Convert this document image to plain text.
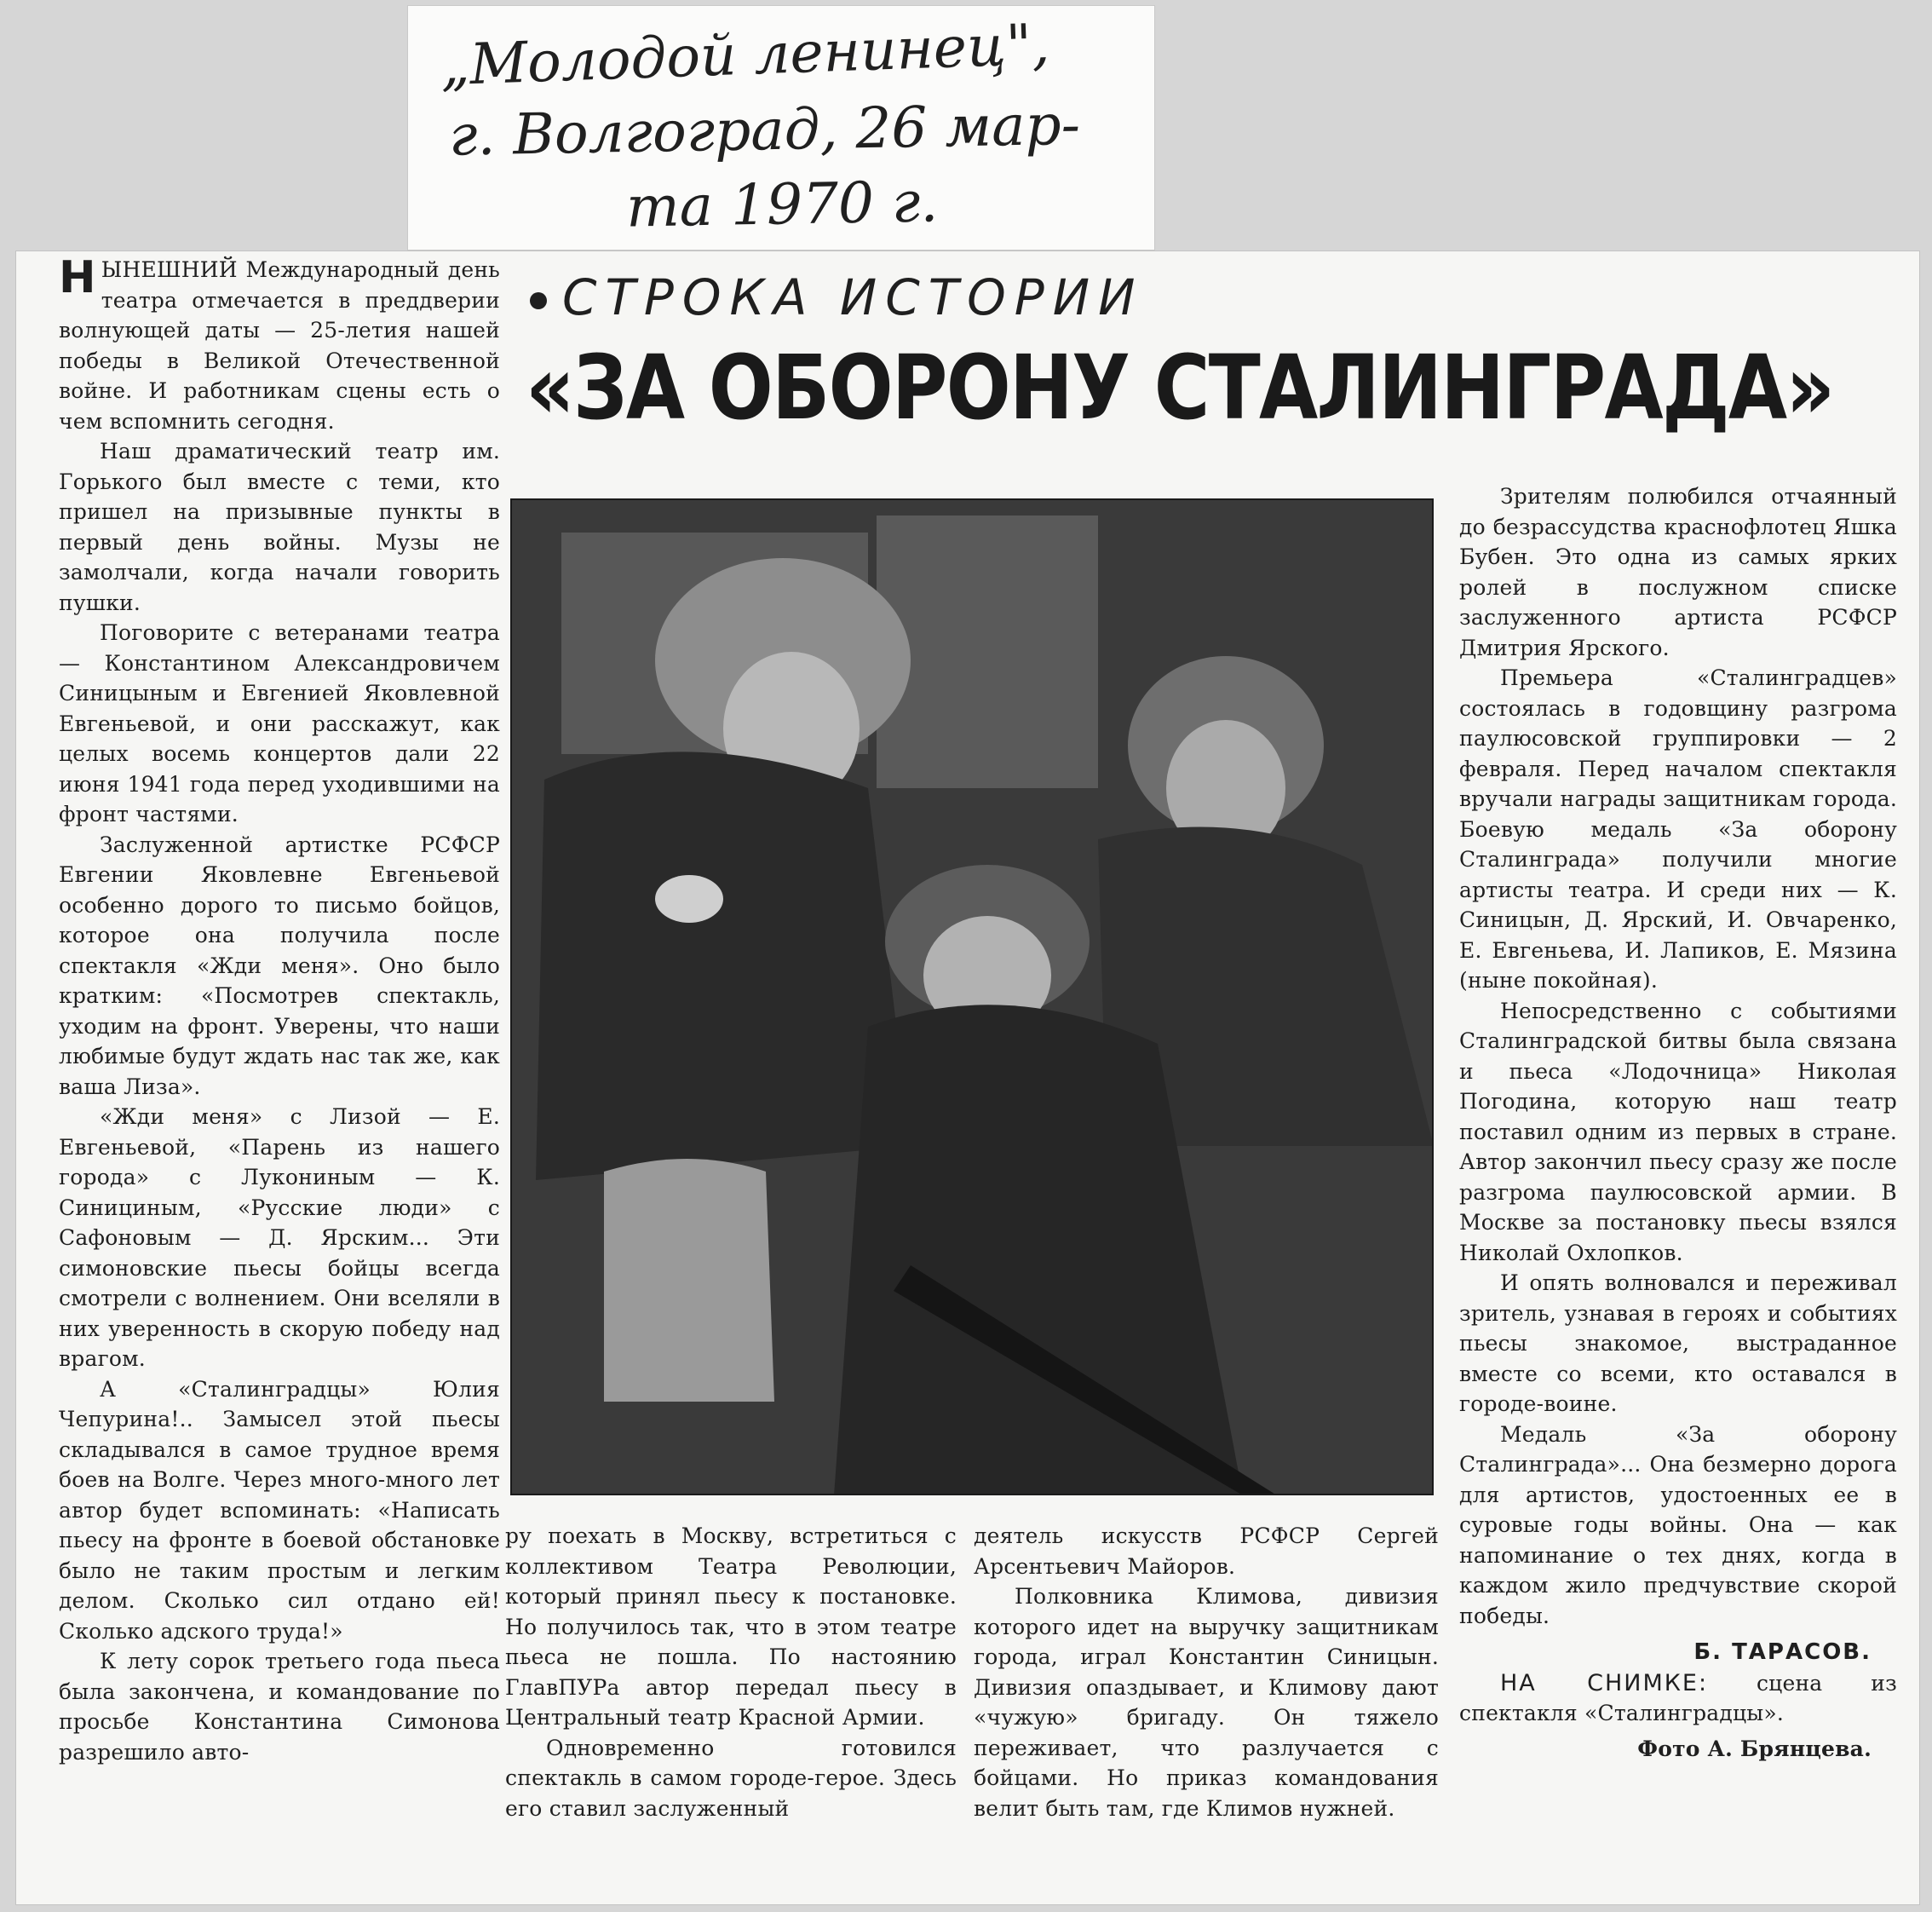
„Молодой ленинец",
г. Волгоград, 26 мар-
та 1970 г.

НЫНЕШНИЙ Международный день театра отмечается в преддверии волнующей даты — 25-летия нашей победы в Великой Отечественной войне. И работникам сцены есть о чем вспомнить сегодня.

Наш драматический театр им. Горького был вместе с теми, кто пришел на призывные пункты в первый день войны. Музы не замолчали, когда начали говорить пушки.

Поговорите с ветеранами театра — Константином Александровичем Синицыным и Евгенией Яковлевной Евгеньевой, и они расскажут, как целых восемь концертов дали 22 июня 1941 года перед уходившими на фронт частями.

Заслуженной артистке РСФСР Евгении Яковлевне Евгеньевой особенно дорого то письмо бойцов, которое она получила после спектакля «Жди меня». Оно было кратким: «Посмотрев спектакль, уходим на фронт. Уверены, что наши любимые будут ждать нас так же, как ваша Лиза».

«Жди меня» с Лизой — Е. Евгеньевой, «Парень из нашего города» с Лукониным — К. Синициным, «Русские люди» с Сафоновым — Д. Ярским... Эти симоновские пьесы бойцы всегда смотрели с волнением. Они вселяли в них уверенность в скорую победу над врагом.

А «Сталинградцы» Юлия Чепурина!.. Замысел этой пьесы складывался в самое трудное время боев на Волге. Через много-много лет автор будет вспоминать: «Написать пьесу на фронте в боевой обстановке было не таким простым и легким делом. Сколько сил отдано ей! Сколько адского труда!»

К лету сорок третьего года пьеса была закончена, и командование по просьбе Константина Симонова разрешило авто-

СТРОКА ИСТОРИИ
«ЗА ОБОРОНУ СТАЛИНГРАДА»

ру поехать в Москву, встретиться с коллективом Театра Революции, который принял пьесу к постановке. Но получилось так, что в этом театре пьеса не пошла. По настоянию ГлавПУРа автор передал пьесу в Центральный театр Красной Армии.

Одновременно готовился спектакль в самом городе-герое. Здесь его ставил заслуженный

деятель искусств РСФСР Сергей Арсентьевич Майоров.

Полковника Климова, дивизия которого идет на выручку защитникам города, играл Константин Синицын. Дивизия опаздывает, и Климову дают «чужую» бригаду. Он тяжело переживает, что разлучается с бойцами. Но приказ командования велит быть там, где Климов нужней.

Зрителям полюбился отчаянный до безрассудства краснофлотец Яшка Бубен. Это одна из самых ярких ролей в послужном списке заслуженного артиста РСФСР Дмитрия Ярского.

Премьера «Сталинградцев» состоялась в годовщину разгрома паулюсовской группировки — 2 февраля. Перед началом спектакля вручали награды защитникам города. Боевую медаль «За оборону Сталинграда» получили многие артисты театра. И среди них — К. Синицын, Д. Ярский, И. Овчаренко, Е. Евгеньева, И. Лапиков, Е. Мязина (ныне покойная).

Непосредственно с событиями Сталинградской битвы была связана и пьеса «Лодочница» Николая Погодина, которую наш театр поставил одним из первых в стране. Автор закончил пьесу сразу же после разгрома паулюсовской армии. В Москве за постановку пьесы взялся Николай Охлопков.

И опять волновался и переживал зритель, узнавая в героях и событиях пьесы знакомое, выстраданное вместе со всеми, кто оставался в городе-воине.

Медаль «За оборону Сталинграда»... Она безмерно дорога для артистов, удостоенных ее в суровые годы войны. Она — как напоминание о тех днях, когда в каждом жило предчувствие скорой победы.

Б. ТАРАСОВ.

НА СНИМКЕ: сцена из спектакля «Сталинградцы».

Фото А. Брянцева.
